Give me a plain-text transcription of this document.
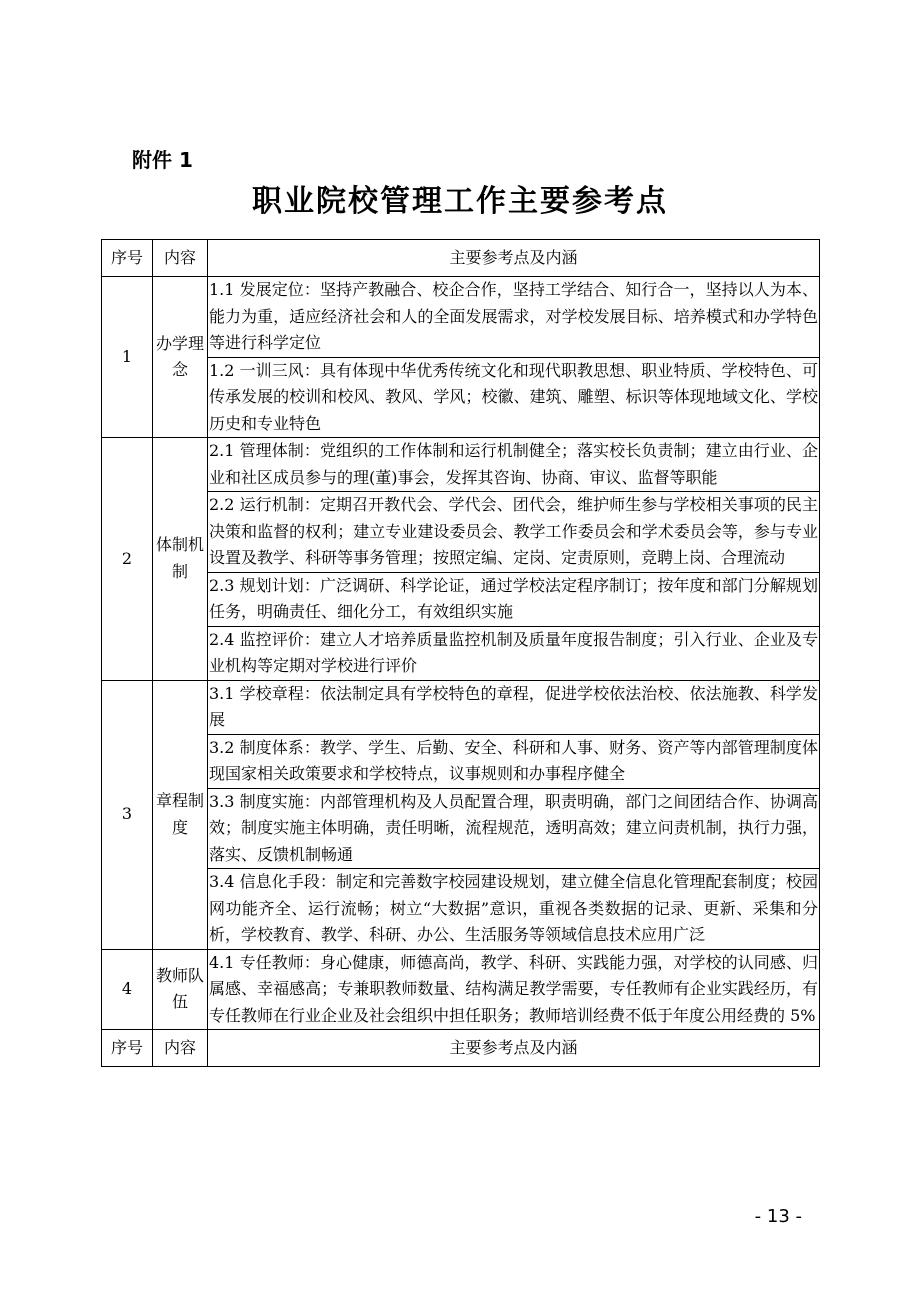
附件 1
职业院校管理工作主要参考点
序号	内容	主要参考点及内涵
1	办学理念	1.1 发展定位：坚持产教融合、校企合作，坚持工学结合、知行合一，坚持以人为本、能力为重，适应经济社会和人的全面发展需求，对学校发展目标、培养模式和办学特色等进行科学定位
		1.2 一训三风：具有体现中华优秀传统文化和现代职教思想、职业特质、学校特色、可传承发展的校训和校风、教风、学风；校徽、建筑、雕塑、标识等体现地域文化、学校历史和专业特色
2	体制机制	2.1 管理体制：党组织的工作体制和运行机制健全；落实校长负责制；建立由行业、企业和社区成员参与的理(董)事会，发挥其咨询、协商、审议、监督等职能
		2.2 运行机制：定期召开教代会、学代会、团代会，维护师生参与学校相关事项的民主决策和监督的权利；建立专业建设委员会、教学工作委员会和学术委员会等，参与专业设置及教学、科研等事务管理；按照定编、定岗、定责原则，竞聘上岗、合理流动
		2.3 规划计划：广泛调研、科学论证，通过学校法定程序制订；按年度和部门分解规划任务，明确责任、细化分工，有效组织实施
		2.4 监控评价：建立人才培养质量监控机制及质量年度报告制度；引入行业、企业及专业机构等定期对学校进行评价
3	章程制度	3.1 学校章程：依法制定具有学校特色的章程，促进学校依法治校、依法施教、科学发展
		3.2 制度体系：教学、学生、后勤、安全、科研和人事、财务、资产等内部管理制度体现国家相关政策要求和学校特点，议事规则和办事程序健全
		3.3 制度实施：内部管理机构及人员配置合理，职责明确，部门之间团结合作、协调高效；制度实施主体明确，责任明晰，流程规范，透明高效；建立问责机制，执行力强，落实、反馈机制畅通
		3.4 信息化手段：制定和完善数字校园建设规划，建立健全信息化管理配套制度；校园网功能齐全、运行流畅；树立“大数据”意识，重视各类数据的记录、更新、采集和分析，学校教育、教学、科研、办公、生活服务等领域信息技术应用广泛
4	教师队伍	4.1 专任教师：身心健康，师德高尚，教学、科研、实践能力强，对学校的认同感、归属感、幸福感高；专兼职教师数量、结构满足教学需要，专任教师有企业实践经历，有专任教师在行业企业及社会组织中担任职务；教师培训经费不低于年度公用经费的 5%
序号	内容	主要参考点及内涵
- 13 -
